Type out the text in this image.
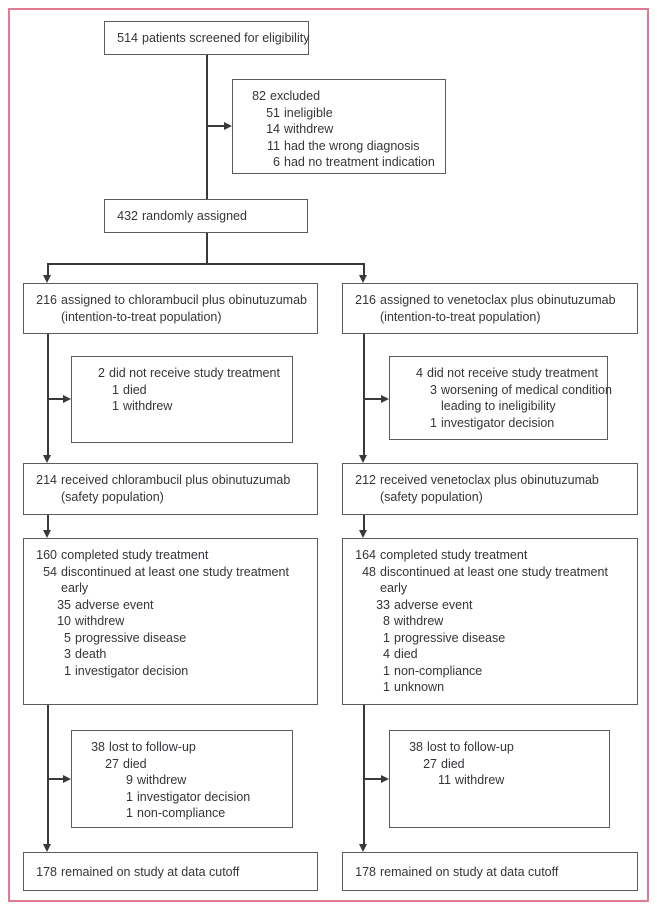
514 patients screened for eligibility
82 excluded
51 ineligible
14 withdrew
11 had the wrong diagnosis
6 had no treatment indication
432 randomly assigned
216 assigned to chlorambucil plus obinutuzumab
(intention-to-treat population)
216 assigned to venetoclax plus obinutuzumab
(intention-to-treat population)
2 did not receive study treatment
1 died
1 withdrew
4 did not receive study treatment
3 worsening of medical condition
leading to ineligibility
1 investigator decision
214 received chlorambucil plus obinutuzumab
(safety population)
212 received venetoclax plus obinutuzumab
(safety population)
160 completed study treatment
54 discontinued at least one study treatment
early
35 adverse event
10 withdrew
5 progressive disease
3 death
1 investigator decision
164 completed study treatment
48 discontinued at least one study treatment
early
33 adverse event
8 withdrew
1 progressive disease
4 died
1 non-compliance
1 unknown
38 lost to follow-up
27 died
9 withdrew
1 investigator decision
1 non-compliance
38 lost to follow-up
27 died
11 withdrew
178 remained on study at data cutoff	178 remained on study at data cutoff
